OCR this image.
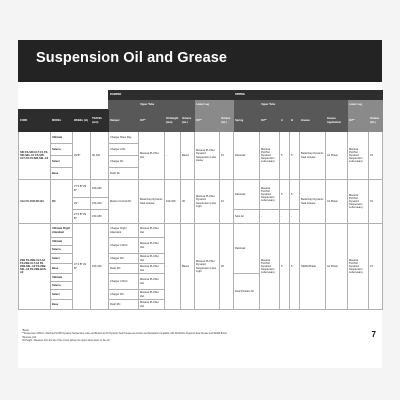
Suspension Oil and Grease
				DAMPER						SPRING							
					Upper Tube			Lower Leg			Upper Tube					Lower Leg	
FORK	MODEL	WHEEL (in)	TRAVEL (mm)	Damper	Oil**	Oil Height (mm)	Volume (mL)	Oil**	Volume (mL)	Spring	Oil**	A	B	Grease	Grease Application	Oil**	Volume (mL)
SID FS-SID-ULT-C1 FS-SID-SEL-C1 FS-SID-ULT-C2 FS-SID-SEL-C2	Ultimate	29 B*	90-120	Charger Race Day	Maxima PLUSH 3wt	-	Bleed	Maxima PLUSH Dynamic Suspension Lube Heavy	10	Debonair	Maxima PLUSH Dynamic Suspension Lube Heavy	5	5	ButterCup Dynamic Seal Grease	Air Piston	Maxima PLUSH Dynamic Suspension Lube Heavy	15
	Select+			Charger 2 RL													
	Select			Charger RL													
	Base			Rush RL													
Yari FS-YAR-RC-B3	RC	27.5 B* 29 B*	150-180	Motion Control RC	ButterCup Dynamic Seal Grease	100-105	30	Maxima PLUSH Dynamic Suspension Lube Light	10	Debonair	Maxima PLUSH Dynamic Suspension Lube Heavy	5	5	ButterCup Dynamic Seal Grease	Air Piston	Maxima PLUSH Dynamic Suspension Lube Heavy	15
		29 *	150-160														
		27.5 B* 29 B*	150-180							Solo Air	-	-	-				
ZEB FS-ZEB-ULT-A2 FS-ZEB-ULT-A3 FS-ZEB-SEL-A2 FS-ZEB-SEL-A3 FS-ZEB-BAS-A2	Ultimate Flight Attendant	27.5 B* 29 B*	150-190	Charger Flight Attendant	Maxima PLUSH 3wt	-	Bleed	Maxima PLUSH Dynamic Suspension Lube Light	20	Debonair	Maxima PLUSH Dynamic Suspension Lube Heavy	5	5	SRAM Butter	Air Piston	Maxima PLUSH Dynamic Suspension Lube Heavy	15
	Ultimate			Charger 3 RC2	Maxima PLUSH 3wt												
	Select+																
	Select			Charger RC	Maxima PLUSH 3wt												
	Base			Rush RC	Maxima PLUSH 3wt												
	Ultimate			Charger 3 RC2	Maxima PLUSH 3wt					Dual Position Air							
	Select+																
	Select			Charger RC	Maxima PLUSH 3wt												
	Base			Rush RC	Maxima PLUSH 3wt												
*Boost
**Suspension oil/fluid - Maxima PLUSH Dynamic Suspension Lube and ButterCup Air Dynamic Seal Grease are known and backward compatible with RockShox Dynamic Seal Grease and SRAM Butter.
*Remove Coil
Oil Height - Measure from the top of the crown (above the upper tubes down to the oil).
7
